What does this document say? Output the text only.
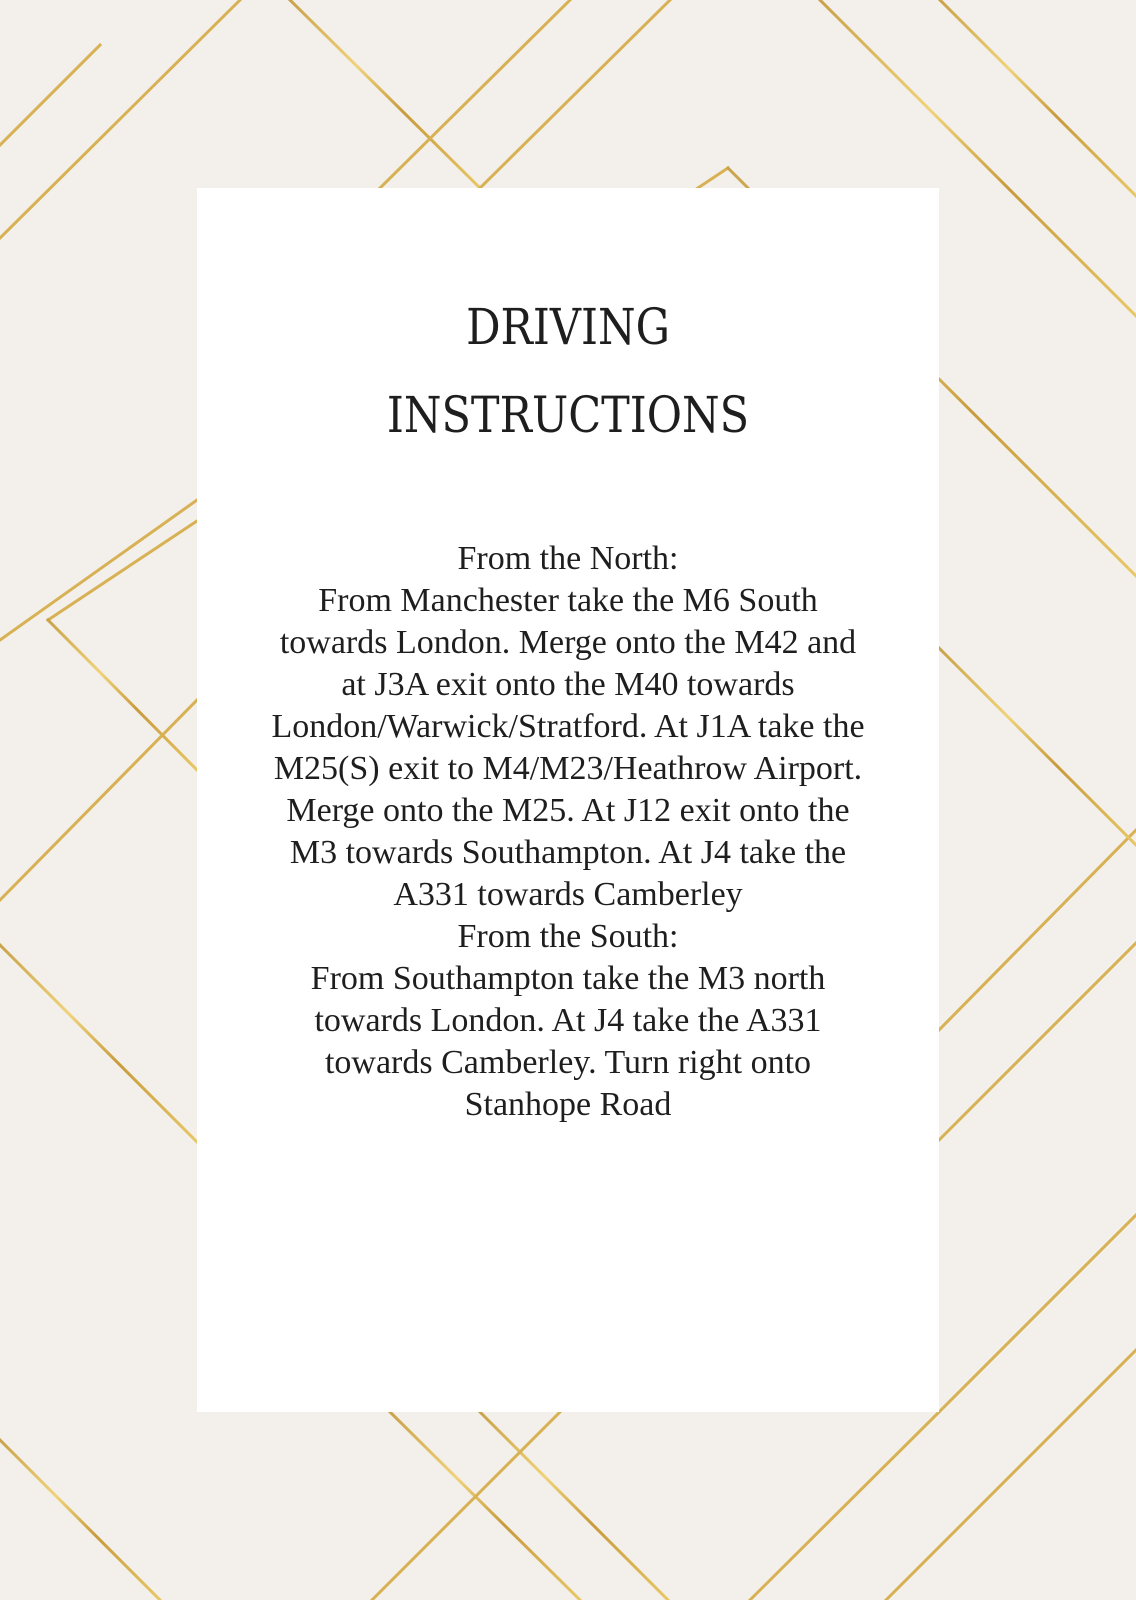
DRIVING
INSTRUCTIONS
From the North:
From Manchester take the M6 South
towards London. Merge onto the M42 and
at J3A exit onto the M40 towards
London/Warwick/Stratford. At J1A take the
M25(S) exit to M4/M23/Heathrow Airport.
Merge onto the M25. At J12 exit onto the
M3 towards Southampton. At J4 take the
A331 towards Camberley
From the South:
From Southampton take the M3 north
towards London. At J4 take the A331
towards Camberley. Turn right onto
Stanhope Road
